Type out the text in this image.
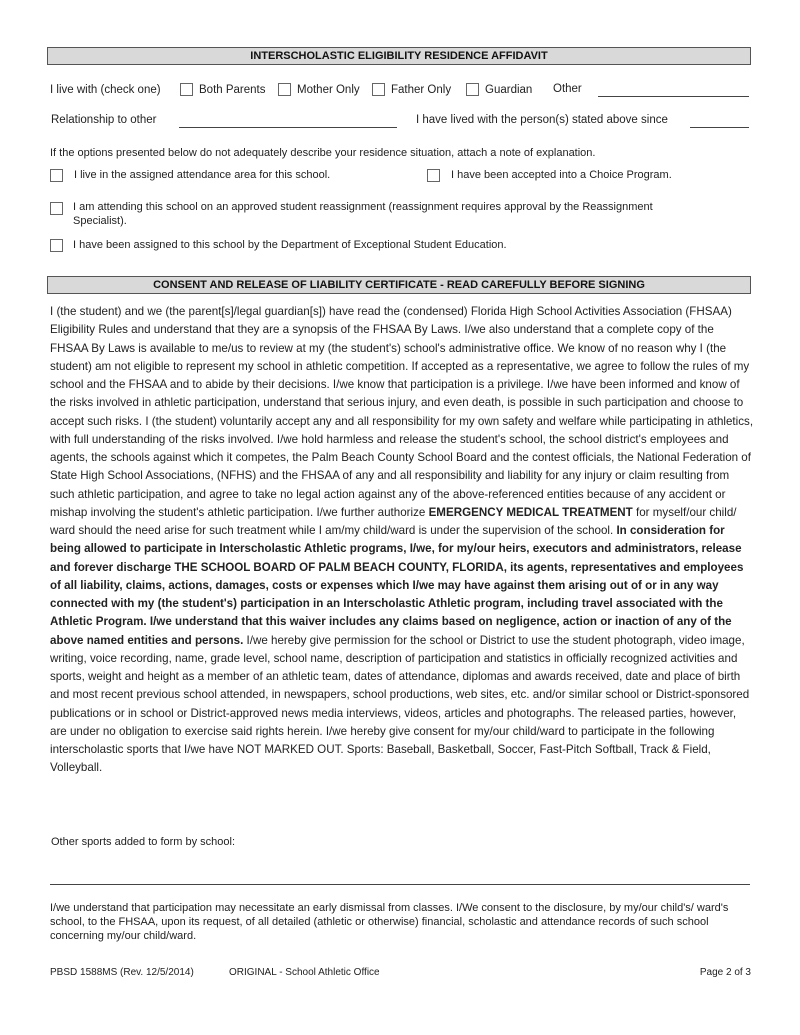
INTERSCHOLASTIC ELIGIBILITY RESIDENCE AFFIDAVIT
I live with (check one)	Both Parents	Mother Only	Father Only	Guardian Other
Relationship to other	I have lived with the person(s) stated above since
If the options presented below do not adequately describe your residence situation, attach a note of explanation.
I live in the assigned attendance area for this school.	I have been accepted into a Choice Program.
I am attending this school on an approved student reassignment (reassignment requires approval by the Reassignment
Specialist).
I have been assigned to this school by the Department of Exceptional Student Education.
CONSENT AND RELEASE OF LIABILITY CERTIFICATE - READ CAREFULLY BEFORE SIGNING

I (the student) and we (the parent[s]/legal guardian[s]) have read the (condensed) Florida High School Activities Association (FHSAA) Eligibility Rules and understand that they are a synopsis of the FHSAA By Laws. I/we also understand that a complete copy of the FHSAA By Laws is available to me/us to review at my (the student's) school's administrative office. We know of no reason why I (the student) am not eligible to represent my school in athletic competition. If accepted as a representative, we agree to follow the rules of my school and the FHSAA and to abide by their decisions. I/we know that participation is a privilege. I/we have been informed and know of the risks involved in athletic participation, understand that serious injury, and even death, is possible in such participation and choose to accept such risks. I (the student) voluntarily accept any and all responsibility for my own safety and welfare while participating in athletics, with full understanding of the risks involved. I/we hold harmless and release the student's school, the school district's employees and agents, the schools against which it competes, the Palm Beach County School Board and the contest officials, the National Federation of State High School Associations, (NFHS) and the FHSAA of any and all responsibility and liability for any injury or claim resulting from such athletic participation, and agree to take no legal action against any of the above-referenced entities because of any accident or mishap involving the student's athletic participation. I/we further authorize EMERGENCY MEDICAL TREATMENT for myself/our child/ ward should the need arise for such treatment while I am/my child/ward is under the supervision of the school. In consideration for being allowed to participate in Interscholastic Athletic programs, I/we, for my/our heirs, executors and administrators, release and forever discharge THE SCHOOL BOARD OF PALM BEACH COUNTY, FLORIDA, its agents, representatives and employees of all liability, claims, actions, damages, costs or expenses which I/we may have against them arising out of or in any way connected with my (the student's) participation in an Interscholastic Athletic program, including travel associated with the Athletic Program. I/we understand that this waiver includes any claims based on negligence, action or inaction of any of the above named entities and persons. I/we hereby give permission for the school or District to use the student photograph, video image, writing, voice recording, name, grade level, school name, description of participation and statistics in officially recognized activities and sports, weight and height as a member of an athletic team, dates of attendance, diplomas and awards received, date and place of birth and most recent previous school attended, in newspapers, school productions, web sites, etc. and/or similar school or District-sponsored publications or in school or District-approved news media interviews, videos, articles and photographs. The released parties, however, are under no obligation to exercise said rights herein. I/we hereby give consent for my/our child/ward to participate in the following interscholastic sports that I/we have NOT MARKED OUT. Sports: Baseball, Basketball, Soccer, Fast-Pitch Softball, Track & Field, Volleyball.

Other sports added to form by school:

I/we understand that participation may necessitate an early dismissal from classes. I/We consent to the disclosure, by my/our child's/ ward's school, to the FHSAA, upon its request, of all detailed (athletic or otherwise) financial, scholastic and attendance records of such school concerning my/our child/ward.

PBSD 1588MS (Rev. 12/5/2014)	ORIGINAL - School Athletic Office	Page 2 of 3
